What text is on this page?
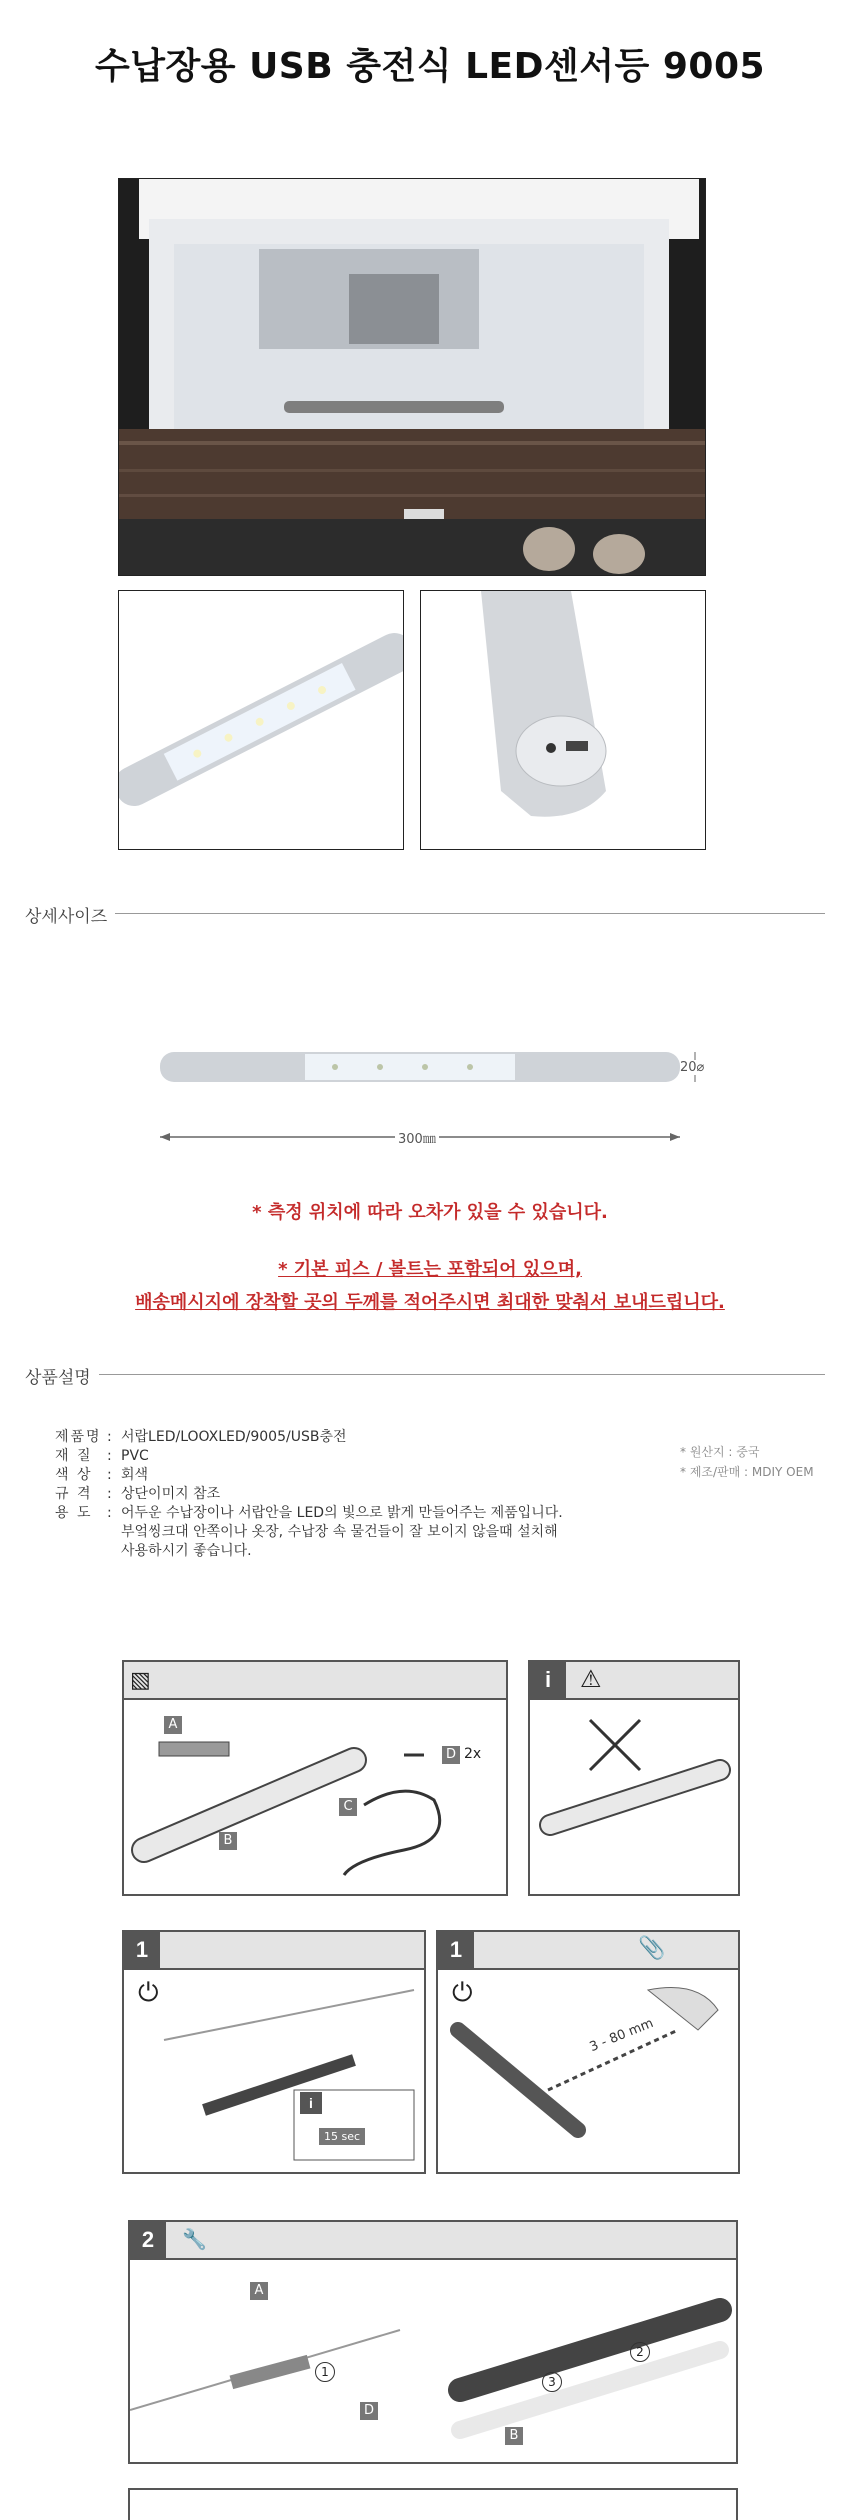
수납장용 USB 충전식 LED센서등 9005
상세사이즈
20⌀
300㎜
* 측정 위치에 따라 오차가 있을 수 있습니다.
* 기본 피스 / 볼트는 포함되어 있으며,
배송메시지에 장착할 곳의 두께를 적어주시면 최대한 맞춰서 보내드립니다.
상품설명
제품명 : 서랍LED/LOOXLED/9005/USB충전
재 질	: PVC
색 상	: 회색
규 격	: 상단이미지 참조
용 도	: 어두운 수납장이나 서랍안을 LED의 빛으로 밝게 만들어주는 제품입니다.
부엌씽크대 안쪽이나 옷장, 수납장 속 물건들이 잘 보이지 않을때 설치해
사용하시기 좋습니다.
* 원산지 : 중국
* 제조/판매 : MDIY OEM
▧
A
B
C
D 2x
i	⚠
1
⏻
i
15 sec
1	📎
⏻
3 - 80 mm
2	🔧
A
D
B
1
2
3
